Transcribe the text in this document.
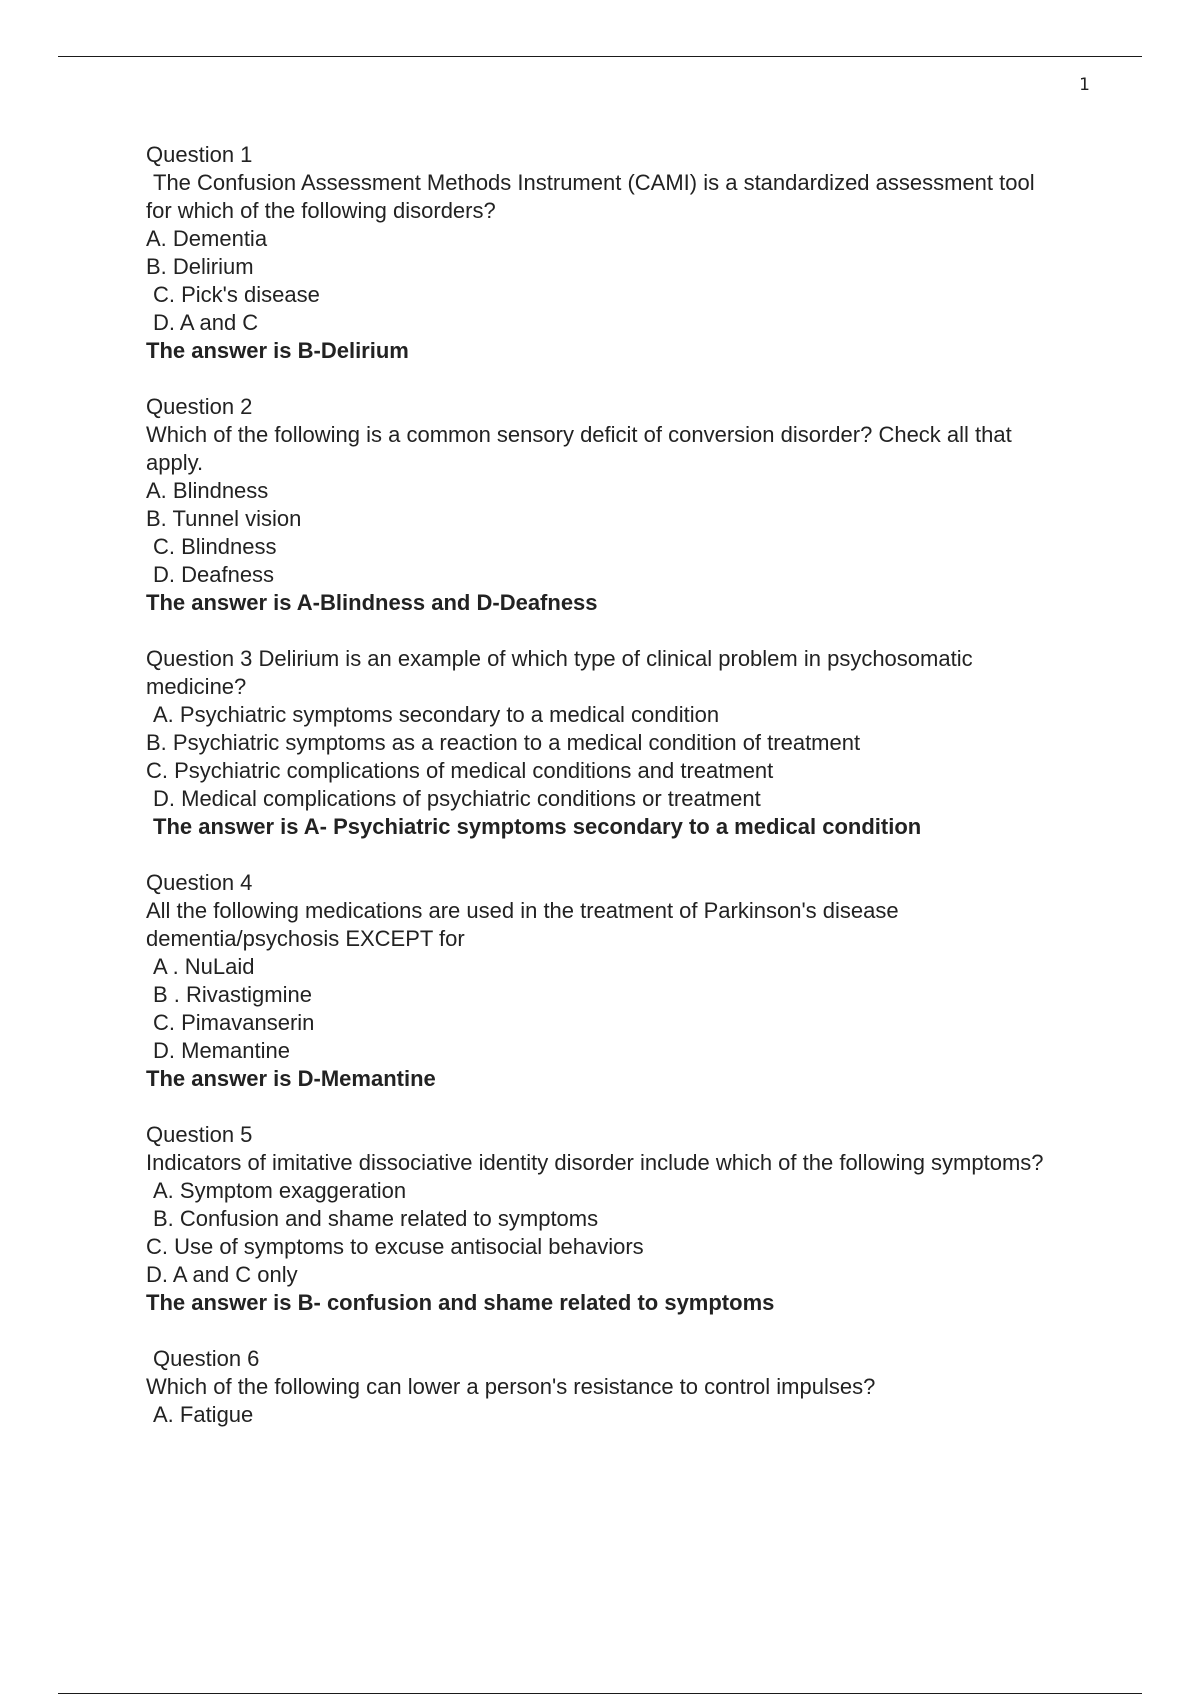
1
Question 1
The Confusion Assessment Methods Instrument (CAMI) is a standardized assessment tool
for which of the following disorders?
A. Dementia
B. Delirium
C. Pick's disease
D. A and C
The answer is B-Delirium
Question 2
Which of the following is a common sensory deficit of conversion disorder? Check all that
apply.
A. Blindness
B. Tunnel vision
C. Blindness
D. Deafness
The answer is A-Blindness and D-Deafness
Question 3 Delirium is an example of which type of clinical problem in psychosomatic
medicine?
A. Psychiatric symptoms secondary to a medical condition
B. Psychiatric symptoms as a reaction to a medical condition of treatment
C. Psychiatric complications of medical conditions and treatment
D. Medical complications of psychiatric conditions or treatment
The answer is A- Psychiatric symptoms secondary to a medical condition
Question 4
All the following medications are used in the treatment of Parkinson's disease
dementia/psychosis EXCEPT for
A . NuLaid
B . Rivastigmine
C. Pimavanserin
D. Memantine
The answer is D-Memantine
Question 5
Indicators of imitative dissociative identity disorder include which of the following symptoms?
A. Symptom exaggeration
B. Confusion and shame related to symptoms
C. Use of symptoms to excuse antisocial behaviors
D. A and C only
The answer is B- confusion and shame related to symptoms
Question 6
Which of the following can lower a person's resistance to control impulses?
A. Fatigue
